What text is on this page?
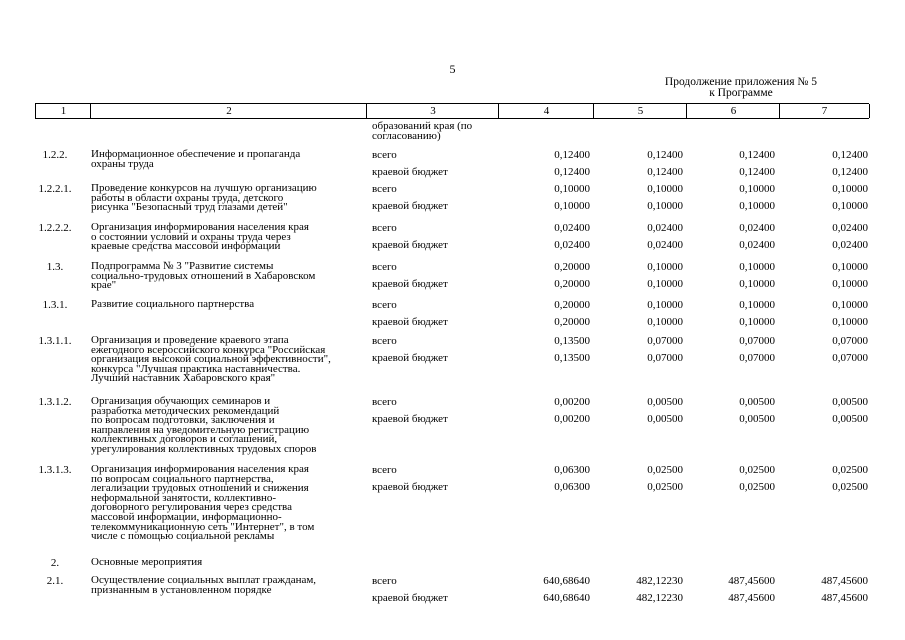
5
Продолжение приложения № 5
к Программе
1	2	3	4	5	6	7
образований края (по
согласованию)
1.2.2.	Информационное обеспечение и пропаганда
охраны труда
всего	0,12400	0,12400	0,12400	0,12400
краевой бюджет	0,12400	0,12400	0,12400	0,12400
1.2.2.1.	Проведение конкурсов на лучшую организацию
работы в области охраны труда, детского
рисунка "Безопасный труд глазами детей"
всего	0,10000	0,10000	0,10000	0,10000
краевой бюджет	0,10000	0,10000	0,10000	0,10000
1.2.2.2.	Организация информирования населения края
о состоянии условий и охраны труда через
краевые средства массовой информации
всего	0,02400	0,02400	0,02400	0,02400
краевой бюджет	0,02400	0,02400	0,02400	0,02400
1.3.	Подпрограмма № 3 "Развитие системы
социально-трудовых отношений в Хабаровском
крае"
всего	0,20000	0,10000	0,10000	0,10000
краевой бюджет	0,20000	0,10000	0,10000	0,10000
1.3.1.	Развитие социального партнерства	всего	0,20000	0,10000	0,10000	0,10000
краевой бюджет	0,20000	0,10000	0,10000	0,10000
1.3.1.1.	Организация и проведение краевого этапа
ежегодного всероссийского конкурса "Российская
организация высокой социальной эффективности",
конкурса "Лучшая практика наставничества.
Лучший наставник Хабаровского края"
всего	0,13500	0,07000	0,07000	0,07000
краевой бюджет	0,13500	0,07000	0,07000	0,07000
1.3.1.2.	Организация обучающих семинаров и
разработка методических рекомендаций
по вопросам подготовки, заключения и
направления на уведомительную регистрацию
коллективных договоров и соглашений,
урегулирования коллективных трудовых споров
всего	0,00200	0,00500	0,00500	0,00500
краевой бюджет	0,00200	0,00500	0,00500	0,00500
1.3.1.3.	Организация информирования населения края
по вопросам социального партнерства,
легализации трудовых отношений и снижения
неформальной занятости, коллективно-
договорного регулирования через средства
массовой информации, информационно-
телекоммуникационную сеть "Интернет", в том
числе с помощью социальной рекламы
всего	0,06300	0,02500	0,02500	0,02500
краевой бюджет	0,06300	0,02500	0,02500	0,02500
2.	Основные мероприятия
2.1.	Осуществление социальных выплат гражданам,
признанным в установленном порядке
всего	640,68640	482,12230	487,45600	487,45600
краевой бюджет	640,68640	482,12230	487,45600	487,45600
